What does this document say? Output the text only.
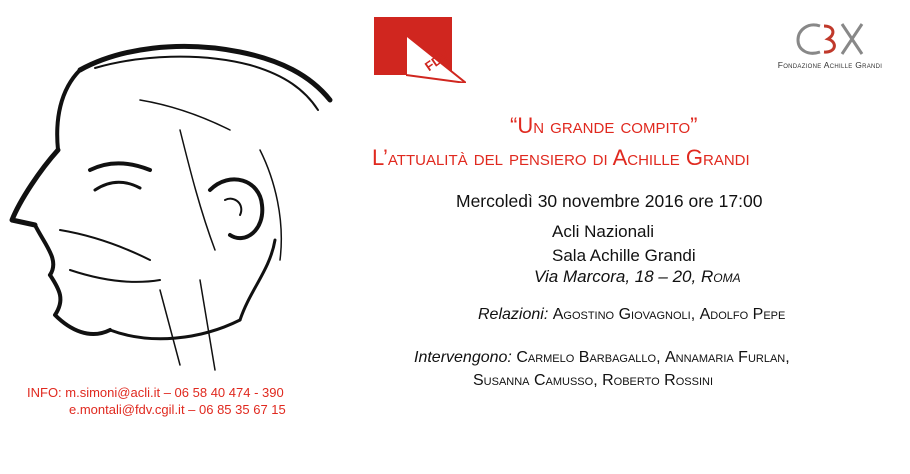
FDV	Fondazione Achille Grandi
“Un grande compito”
L’attualità del pensiero di Achille Grandi
Mercoledì 30 novembre 2016 ore 17:00
Acli Nazionali
Sala Achille Grandi
Via Marcora, 18 – 20, Roma
Relazioni: Agostino Giovagnoli, Adolfo Pepe
Intervengono: Carmelo Barbagallo, Annamaria Furlan,
Susanna Camusso, Roberto Rossini
INFO: m.simoni@acli.it – 06 58 40 474 - 390
e.montali@fdv.cgil.it – 06 85 35 67 15
